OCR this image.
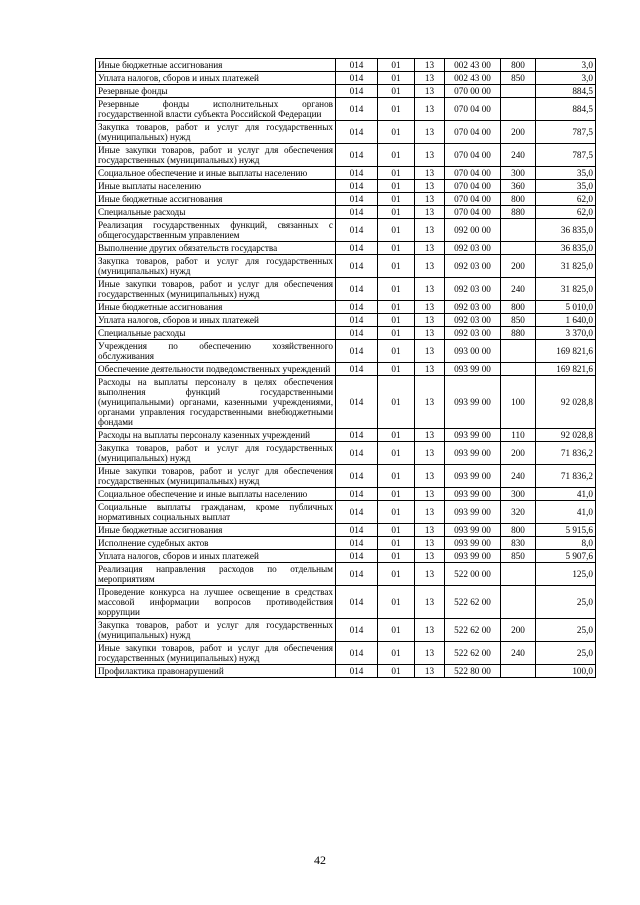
Иные бюджетные ассигнования	014	01	13	002 43 00	800	3,0
Уплата налогов, сборов и иных платежей	014	01	13	002 43 00	850	3,0
Резервные фонды	014	01	13	070 00 00		884,5
Резервные фонды исполнительных органов государственной власти субъекта Российской Федерации	014	01	13	070 04 00		884,5
Закупка товаров, работ и услуг для государственных (муниципальных) нужд	014	01	13	070 04 00	200	787,5
Иные закупки товаров, работ и услуг для обеспечения государственных (муниципальных) нужд	014	01	13	070 04 00	240	787,5
Социальное обеспечение и иные выплаты населению	014	01	13	070 04 00	300	35,0
Иные выплаты населению	014	01	13	070 04 00	360	35,0
Иные бюджетные ассигнования	014	01	13	070 04 00	800	62,0
Специальные расходы	014	01	13	070 04 00	880	62,0
Реализация государственных функций, связанных с общегосударственным управлением	014	01	13	092 00 00		36 835,0
Выполнение других обязательств государства	014	01	13	092 03 00		36 835,0
Закупка товаров, работ и услуг для государственных (муниципальных) нужд	014	01	13	092 03 00	200	31 825,0
Иные закупки товаров, работ и услуг для обеспечения государственных (муниципальных) нужд	014	01	13	092 03 00	240	31 825,0
Иные бюджетные ассигнования	014	01	13	092 03 00	800	5 010,0
Уплата налогов, сборов и иных платежей	014	01	13	092 03 00	850	1 640,0
Специальные расходы	014	01	13	092 03 00	880	3 370,0
Учреждения по обеспечению хозяйственного обслуживания	014	01	13	093 00 00		169 821,6
Обеспечение деятельности подведомственных учреждений	014	01	13	093 99 00		169 821,6
Расходы на выплаты персоналу в целях обеспечения выполнения функций государственными (муниципальными) органами, казенными учреждениями, органами управления государственными внебюджетными фондами	014	01	13	093 99 00	100	92 028,8
Расходы на выплаты персоналу казенных учреждений	014	01	13	093 99 00	110	92 028,8
Закупка товаров, работ и услуг для государственных (муниципальных) нужд	014	01	13	093 99 00	200	71 836,2
Иные закупки товаров, работ и услуг для обеспечения государственных (муниципальных) нужд	014	01	13	093 99 00	240	71 836,2
Социальное обеспечение и иные выплаты населению	014	01	13	093 99 00	300	41,0
Социальные выплаты гражданам, кроме публичных нормативных социальных выплат	014	01	13	093 99 00	320	41,0
Иные бюджетные ассигнования	014	01	13	093 99 00	800	5 915,6
Исполнение судебных актов	014	01	13	093 99 00	830	8,0
Уплата налогов, сборов и иных платежей	014	01	13	093 99 00	850	5 907,6
Реализация направления расходов по отдельным мероприятиям	014	01	13	522 00 00		125,0
Проведение конкурса на лучшее освещение в средствах массовой информации вопросов противодействия коррупции	014	01	13	522 62 00		25,0
Закупка товаров, работ и услуг для государственных (муниципальных) нужд	014	01	13	522 62 00	200	25,0
Иные закупки товаров, работ и услуг для обеспечения государственных (муниципальных) нужд	014	01	13	522 62 00	240	25,0
Профилактика правонарушений	014	01	13	522 80 00		100,0
42
